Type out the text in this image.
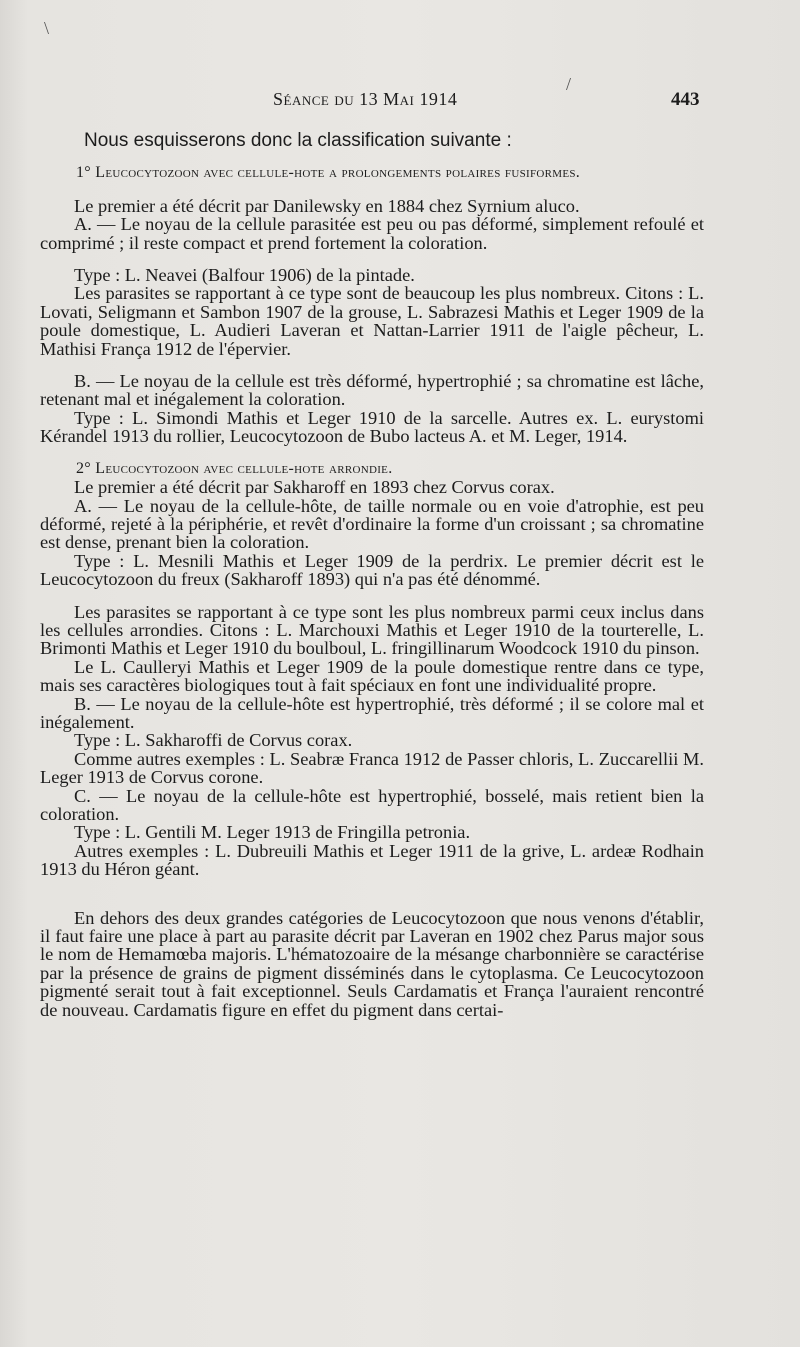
\
/
Séance du 13 Mai 1914	443

Nous esquisserons donc la classification suivante :

1° Leucocytozoon avec cellule-hote a prolongements polaires fusiformes.

Le premier a été décrit par Danilewsky en 1884 chez Syrnium aluco.

A. — Le noyau de la cellule parasitée est peu ou pas déformé, simplement refoulé et comprimé ; il reste compact et prend fortement la coloration.

Type : L. Neavei (Balfour 1906) de la pintade.

Les parasites se rapportant à ce type sont de beaucoup les plus nombreux. Citons : L. Lovati, Seligmann et Sambon 1907 de la grouse, L. Sabrazesi Mathis et Leger 1909 de la poule domestique, L. Audieri Laveran et Nattan-Larrier 1911 de l'aigle pêcheur, L. Mathisi França 1912 de l'épervier.

B. — Le noyau de la cellule est très déformé, hypertrophié ; sa chromatine est lâche, retenant mal et inégalement la coloration.

Type : L. Simondi Mathis et Leger 1910 de la sarcelle. Autres ex. L. eurystomi Kérandel 1913 du rollier, Leucocytozoon de Bubo lacteus A. et M. Leger, 1914.

2° Leucocytozoon avec cellule-hote arrondie.

Le premier a été décrit par Sakharoff en 1893 chez Corvus corax.

A. — Le noyau de la cellule-hôte, de taille normale ou en voie d'atrophie, est peu déformé, rejeté à la périphérie, et revêt d'ordinaire la forme d'un croissant ; sa chromatine est dense, prenant bien la coloration.

Type : L. Mesnili Mathis et Leger 1909 de la perdrix. Le premier décrit est le Leucocytozoon du freux (Sakharoff 1893) qui n'a pas été dénommé.

Les parasites se rapportant à ce type sont les plus nombreux parmi ceux inclus dans les cellules arrondies. Citons : L. Marchouxi Mathis et Leger 1910 de la tourterelle, L. Brimonti Mathis et Leger 1910 du boulboul, L. fringillinarum Woodcock 1910 du pinson.

Le L. Caulleryi Mathis et Leger 1909 de la poule domestique rentre dans ce type, mais ses caractères biologiques tout à fait spéciaux en font une individualité propre.

B. — Le noyau de la cellule-hôte est hypertrophié, très déformé ; il se colore mal et inégalement.

Type : L. Sakharoffi de Corvus corax.

Comme autres exemples : L. Seabræ Franca 1912 de Passer chloris, L. Zuccarellii M. Leger 1913 de Corvus corone.

C. — Le noyau de la cellule-hôte est hypertrophié, bosselé, mais retient bien la coloration.

Type : L. Gentili M. Leger 1913 de Fringilla petronia.

Autres exemples : L. Dubreuili Mathis et Leger 1911 de la grive, L. ardeæ Rodhain 1913 du Héron géant.

En dehors des deux grandes catégories de Leucocytozoon que nous venons d'établir, il faut faire une place à part au parasite décrit par Laveran en 1902 chez Parus major sous le nom de Hemamœba majoris. L'hématozoaire de la mésange charbonnière se caractérise par la présence de grains de pigment disséminés dans le cytoplasma. Ce Leucocytozoon pigmenté serait tout à fait exceptionnel. Seuls Cardamatis et França l'auraient rencontré de nouveau. Cardamatis figure en effet du pigment dans certai-
